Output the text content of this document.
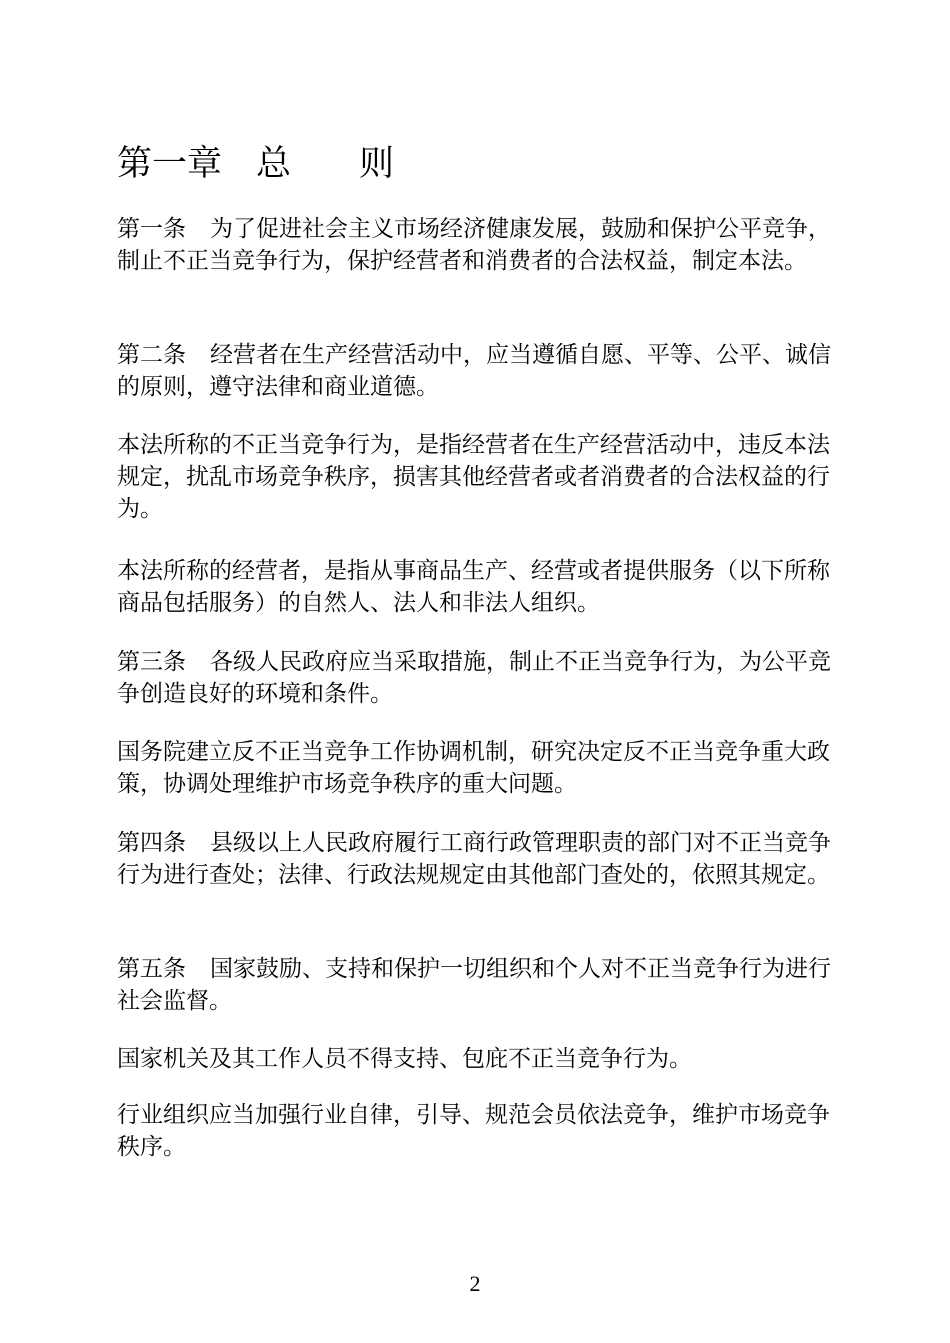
第一章 总 则

第一条 为了促进社会主义市场经济健康发展，鼓励和保护公平竞争，制止不正当竞争行为，保护经营者和消费者的合法权益，制定本法。

第二条 经营者在生产经营活动中，应当遵循自愿、平等、公平、诚信的原则，遵守法律和商业道德。

本法所称的不正当竞争行为，是指经营者在生产经营活动中，违反本法规定，扰乱市场竞争秩序，损害其他经营者或者消费者的合法权益的行为。

本法所称的经营者，是指从事商品生产、经营或者提供服务（以下所称商品包括服务）的自然人、法人和非法人组织。

第三条 各级人民政府应当采取措施，制止不正当竞争行为，为公平竞争创造良好的环境和条件。

国务院建立反不正当竞争工作协调机制，研究决定反不正当竞争重大政策，协调处理维护市场竞争秩序的重大问题。

第四条 县级以上人民政府履行工商行政管理职责的部门对不正当竞争行为进行查处；法律、行政法规规定由其他部门查处的，依照其规定。

第五条 国家鼓励、支持和保护一切组织和个人对不正当竞争行为进行社会监督。

国家机关及其工作人员不得支持、包庇不正当竞争行为。

行业组织应当加强行业自律，引导、规范会员依法竞争，维护市场竞争秩序。

2
